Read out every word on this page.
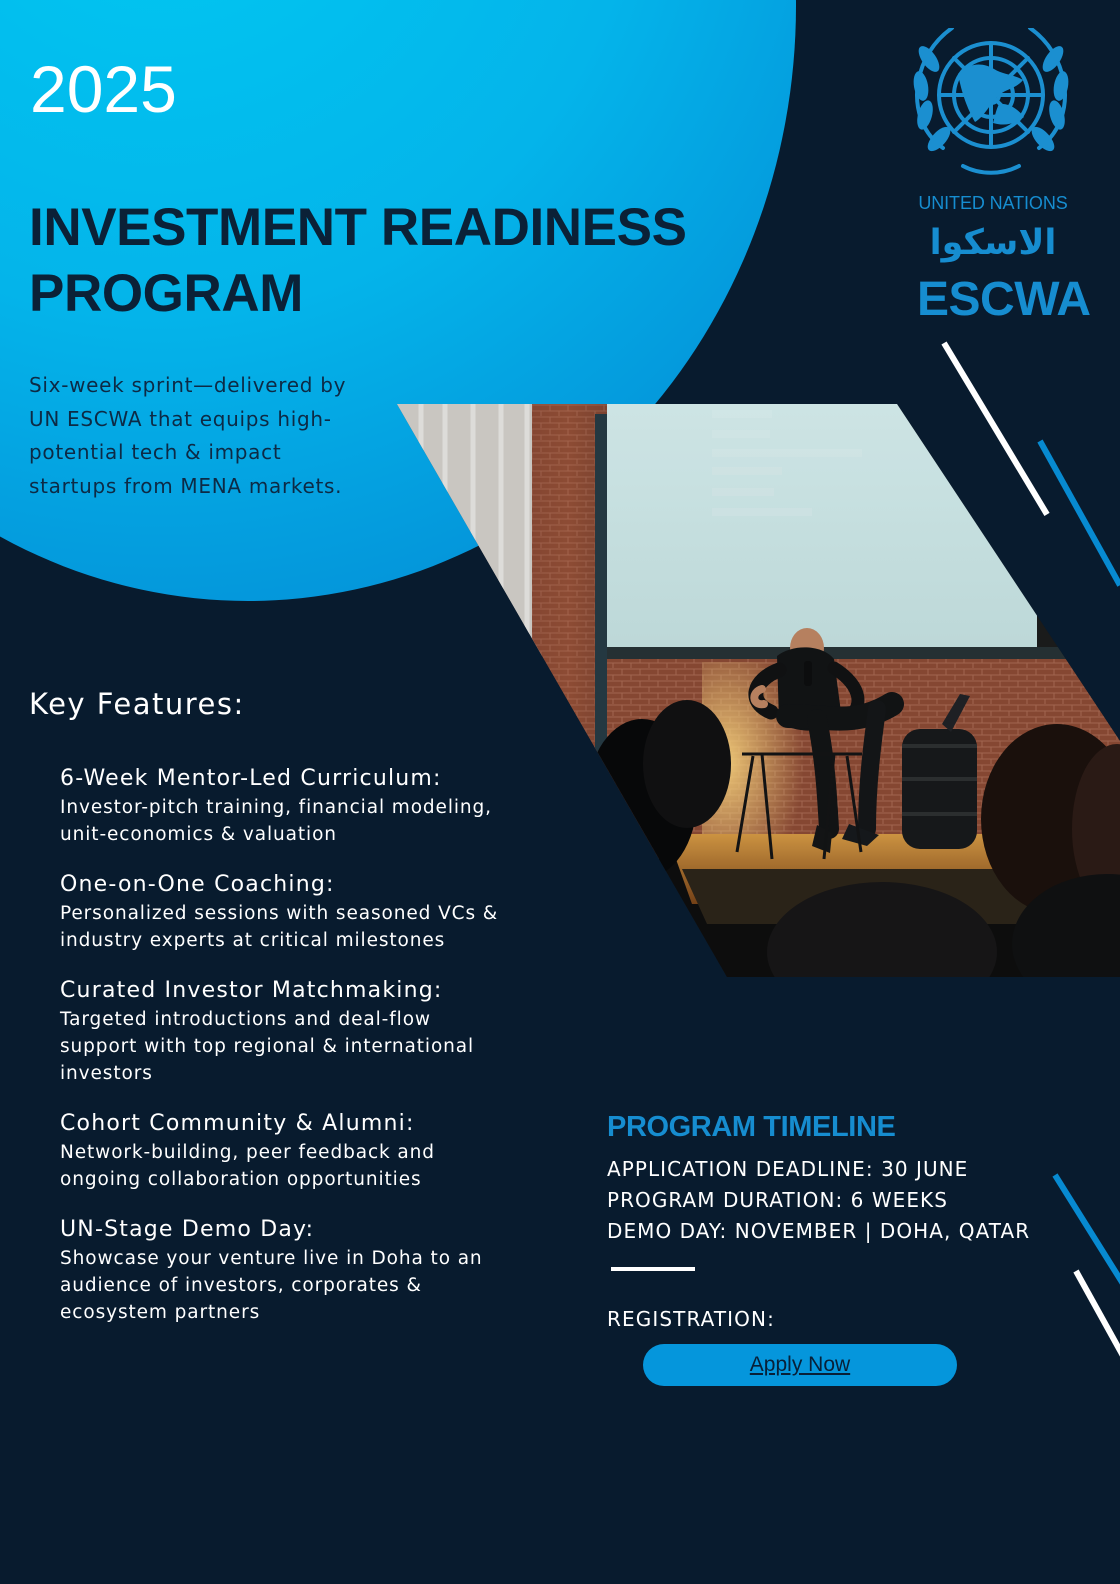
2025
INVESTMENT READINESS
PROGRAM

Six-week sprint—delivered by
UN ESCWA that equips high-
potential tech & impact
startups from MENA markets.

UNITED NATIONS
الاسكوا
ESCWA
Key Features:
6-Week Mentor-Led Curriculum:
Investor-pitch training, financial modeling,
unit-economics & valuation
One-on-One Coaching:
Personalized sessions with seasoned VCs &
industry experts at critical milestones
Curated Investor Matchmaking:
Targeted introductions and deal-flow
support with top regional & international
investors
Cohort Community & Alumni:
Network-building, peer feedback and
ongoing collaboration opportunities
UN-Stage Demo Day:
Showcase your venture live in Doha to an
audience of investors, corporates &
ecosystem partners
PROGRAM TIMELINE
APPLICATION DEADLINE: 30 JUNE
PROGRAM DURATION: 6 WEEKS
DEMO DAY: NOVEMBER | DOHA, QATAR
REGISTRATION:
Apply Now
